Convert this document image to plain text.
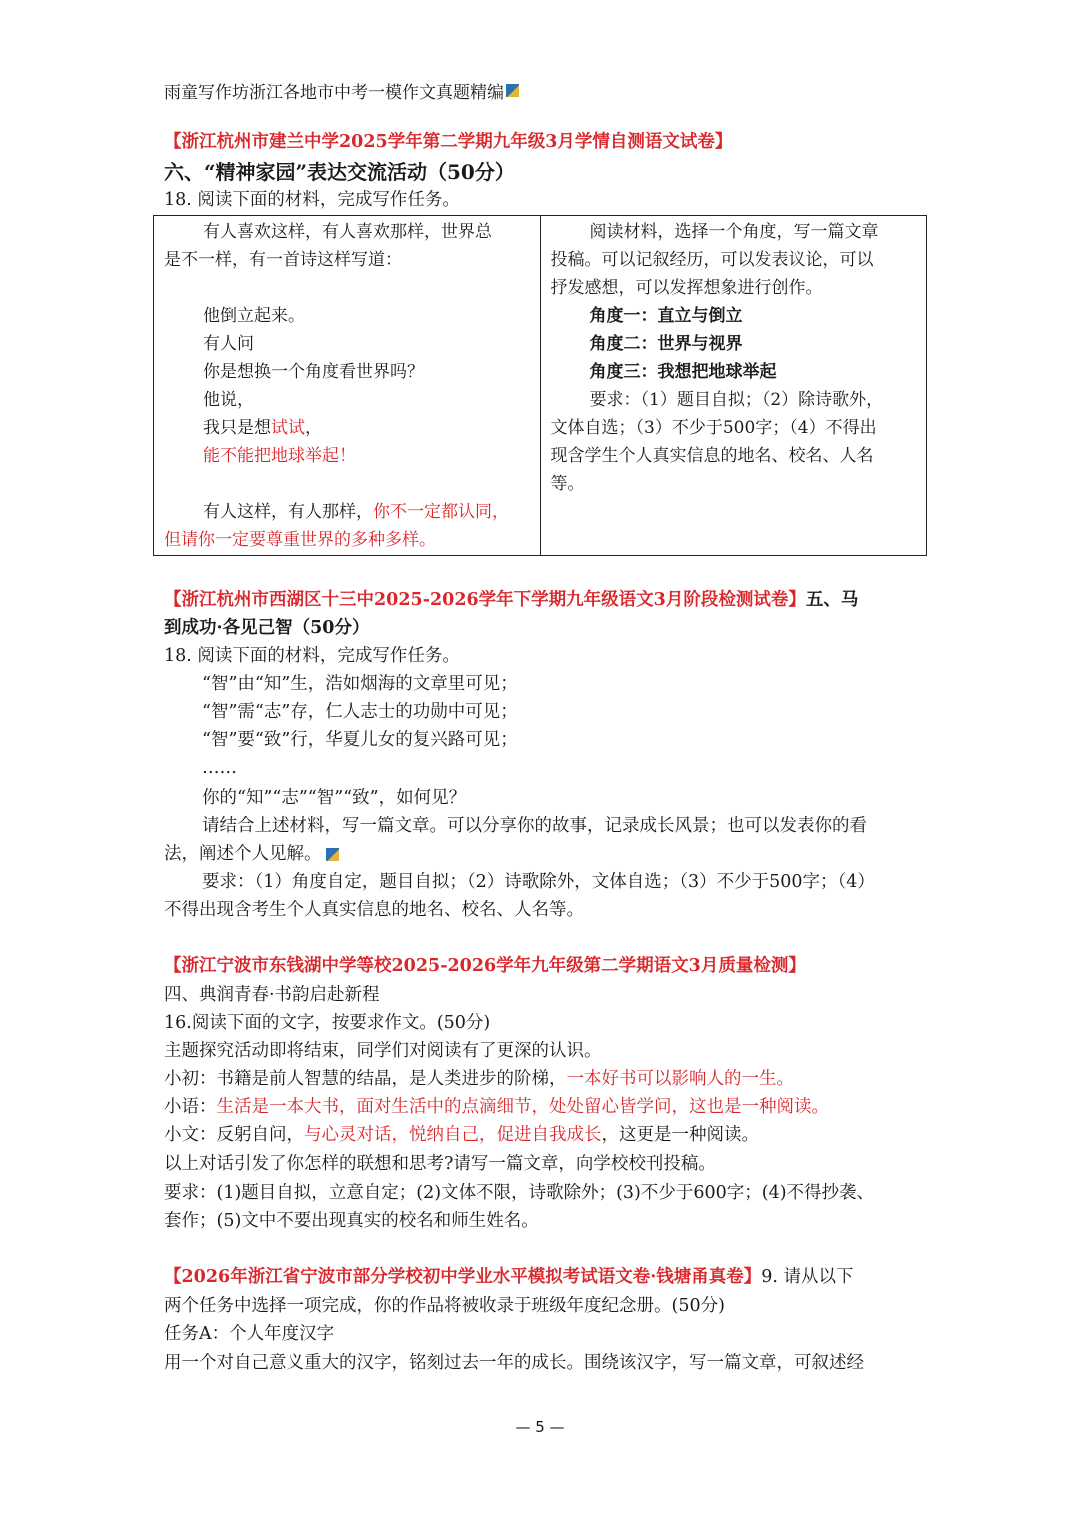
雨童写作坊浙江各地市中考一模作文真题精编
【浙江杭州市建兰中学2025学年第二学期九年级3月学情自测语文试卷】
六、“精神家园”表达交流活动（50分）
18. 阅读下面的材料，完成写作任务。
有人喜欢这样，有人喜欢那样，世界总
是不一样，有一首诗这样写道：
他倒立起来。
有人问
你是想换一个角度看世界吗？
他说，
我只是想试试，
能不能把地球举起！
有人这样，有人那样，你不一定都认同，
但请你一定要尊重世界的多种多样。

阅读材料，选择一个角度，写一篇文章
投稿。可以记叙经历，可以发表议论，可以
抒发感想，可以发挥想象进行创作。
角度一：直立与倒立
角度二：世界与视界
角度三：我想把地球举起
要求：（1）题目自拟；（2）除诗歌外，
文体自选；（3）不少于500字；（4）不得出
现含学生个人真实信息的地名、校名、人名
等。
【浙江杭州市西湖区十三中2025-2026学年下学期九年级语文3月阶段检测试卷】五、马
到成功·各见己智（50分）
18. 阅读下面的材料，完成写作任务。
“智”由“知”生，浩如烟海的文章里可见；
“智”需“志”存，仁人志士的功勋中可见；
“智”要“致”行，华夏儿女的复兴路可见；
……
你的“知”“志”“智”“致”，如何见？
请结合上述材料，写一篇文章。可以分享你的故事，记录成长风景；也可以发表你的看
法，阐述个人见解。
要求：（1）角度自定，题目自拟；（2）诗歌除外，文体自选；（3）不少于500字；（4）
不得出现含考生个人真实信息的地名、校名、人名等。
【浙江宁波市东钱湖中学等校2025-2026学年九年级第二学期语文3月质量检测】
四、典润青春·书韵启赴新程
16.阅读下面的文字，按要求作文。(50分)
主题探究活动即将结束，同学们对阅读有了更深的认识。
小初：书籍是前人智慧的结晶，是人类进步的阶梯，一本好书可以影响人的一生。
小语：生活是一本大书，面对生活中的点滴细节，处处留心皆学问，这也是一种阅读。
小文：反躬自问，与心灵对话，悦纳自己，促进自我成长，这更是一种阅读。
以上对话引发了你怎样的联想和思考?请写一篇文章，向学校校刊投稿。
要求：(1)题目自拟，立意自定；(2)文体不限，诗歌除外；(3)不少于600字；(4)不得抄袭、
套作；(5)文中不要出现真实的校名和师生姓名。
【2026年浙江省宁波市部分学校初中学业水平模拟考试语文卷·钱塘甬真卷】9. 请从以下
两个任务中选择一项完成，你的作品将被收录于班级年度纪念册。(50分)
任务A：个人年度汉字
用一个对自己意义重大的汉字，铭刻过去一年的成长。围绕该汉字，写一篇文章，可叙述经
— 5 —
